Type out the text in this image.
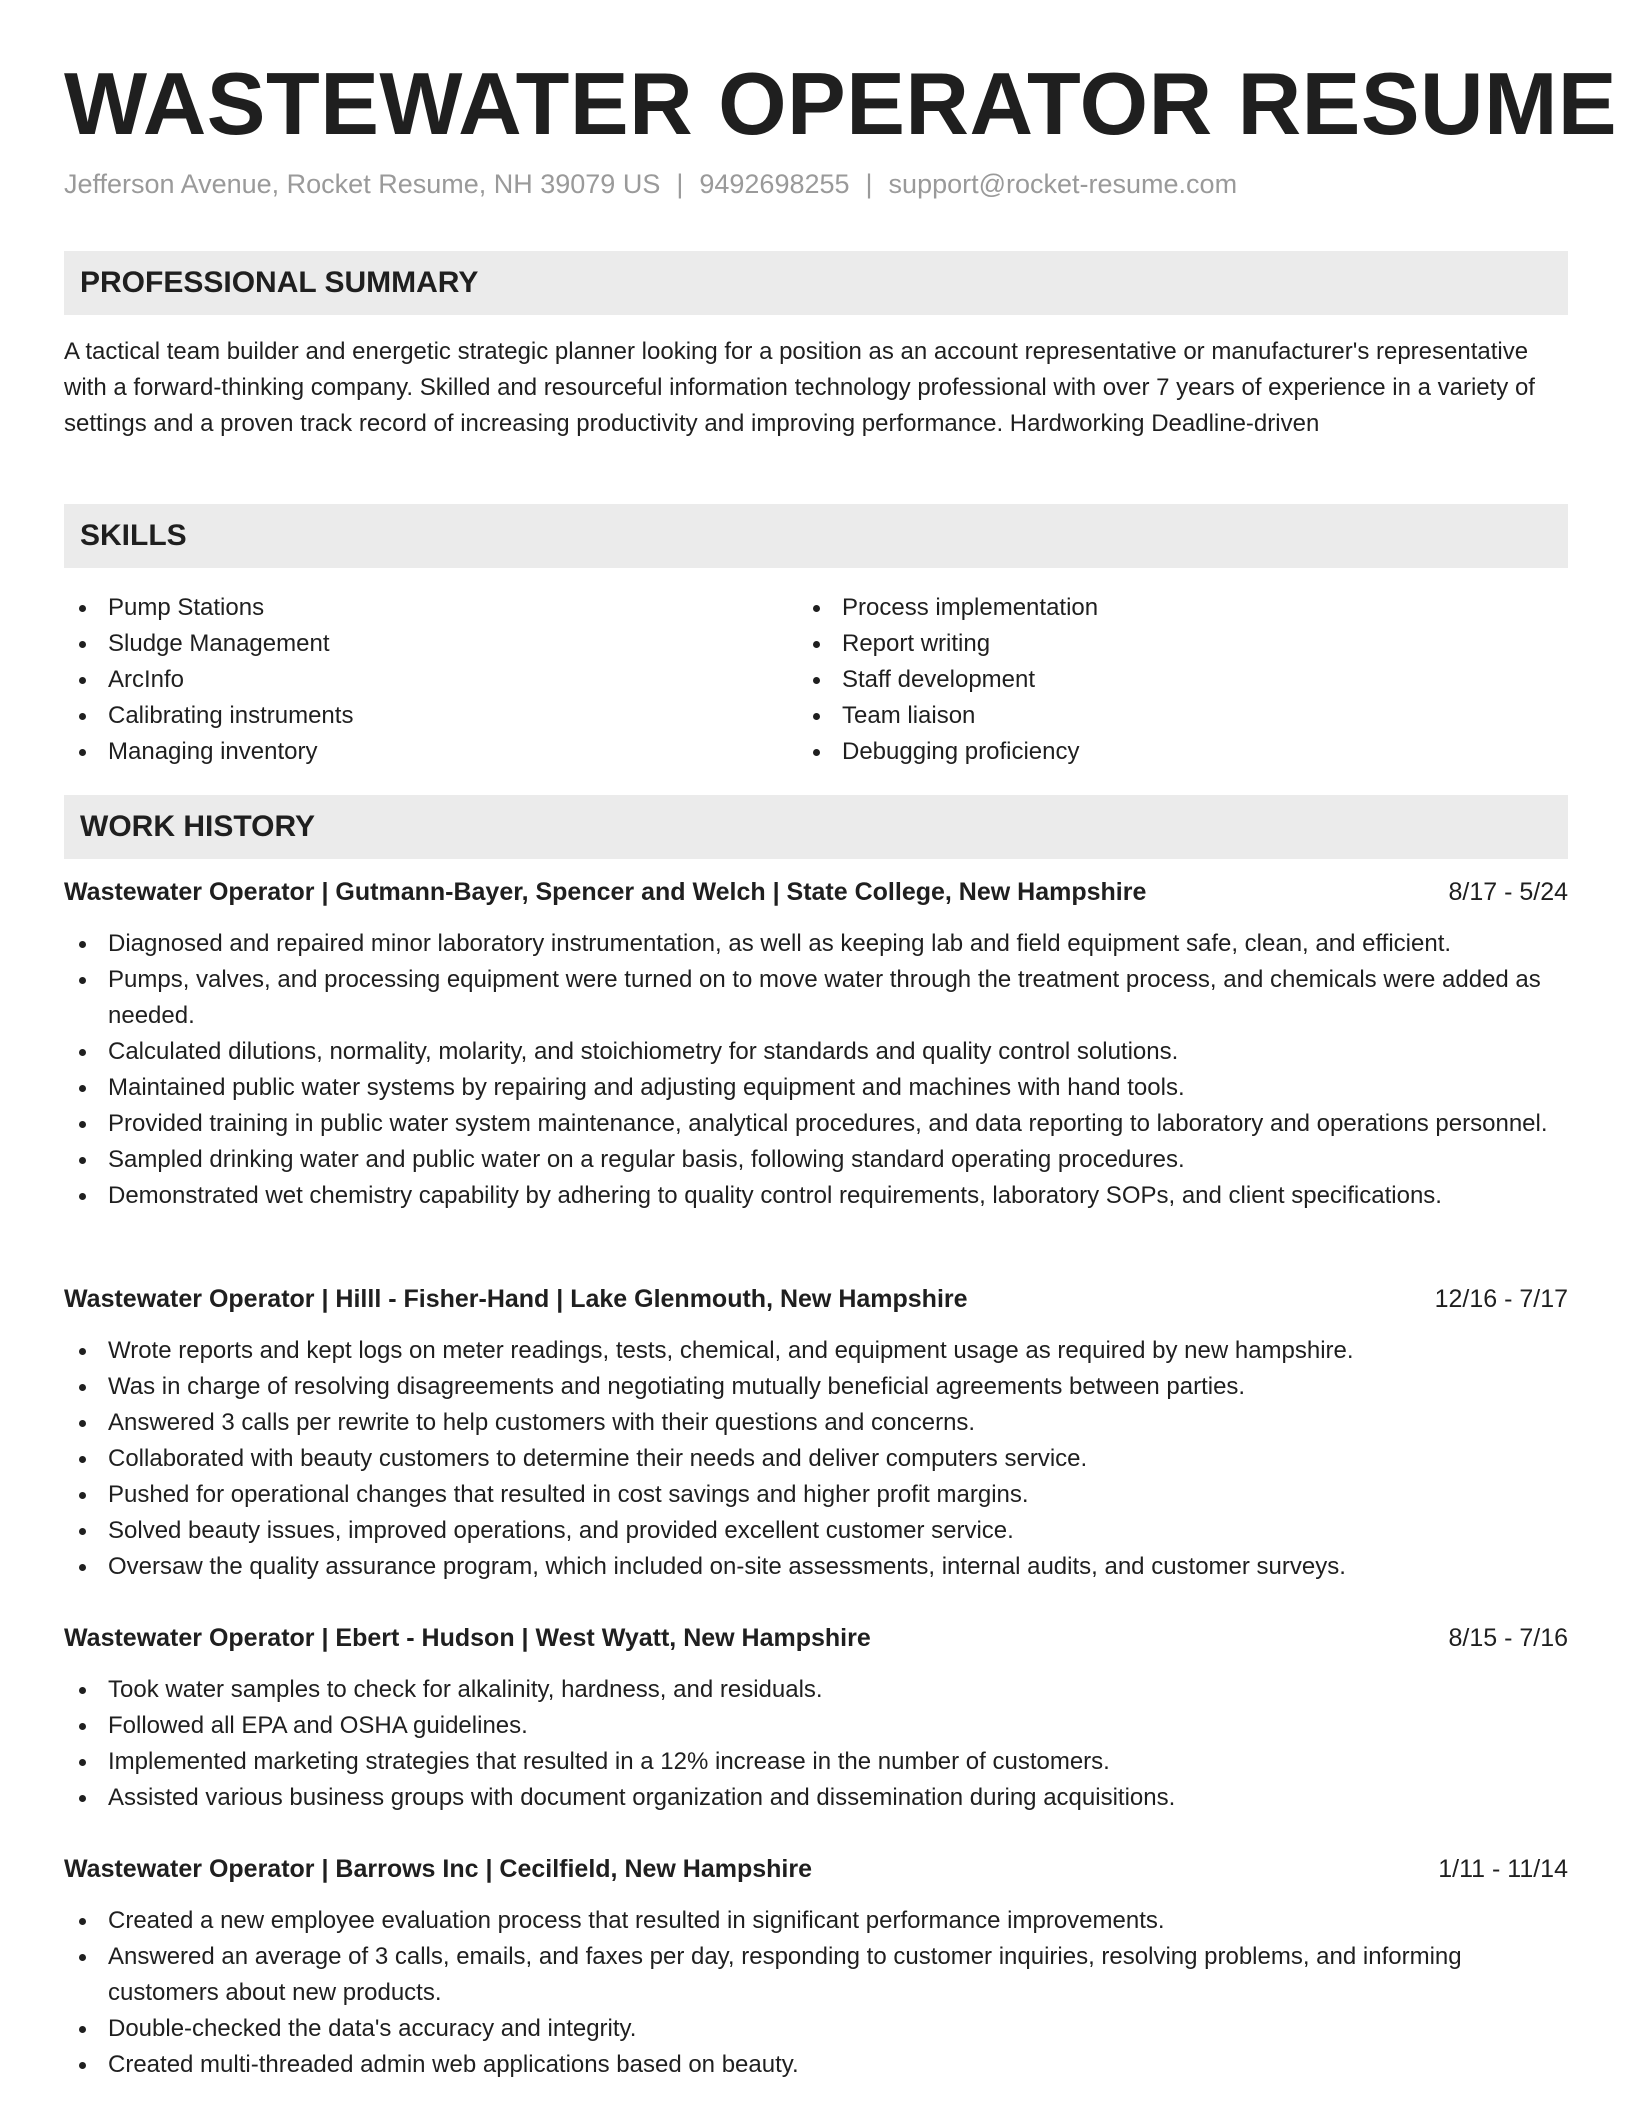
WASTEWATER OPERATOR RESUME
Jefferson Avenue, Rocket Resume, NH 39079 US | 9492698255 | support@rocket-resume.com
PROFESSIONAL SUMMARY

A tactical team builder and energetic strategic planner looking for a position as an account representative or manufacturer's representative with a forward-thinking company. Skilled and resourceful information technology professional with over 7 years of experience in a variety of settings and a proven track record of increasing productivity and improving performance. Hardworking Deadline-driven

SKILLS
Pump Stations
Sludge Management
ArcInfo
Calibrating instruments
Managing inventory
Process implementation
Report writing
Staff development
Team liaison
Debugging proficiency
WORK HISTORY
Wastewater Operator | Gutmann-Bayer, Spencer and Welch | State College, New Hampshire	8/17 - 5/24
Diagnosed and repaired minor laboratory instrumentation, as well as keeping lab and field equipment safe, clean, and efficient.
Pumps, valves, and processing equipment were turned on to move water through the treatment process, and chemicals were added as needed.
Calculated dilutions, normality, molarity, and stoichiometry for standards and quality control solutions.
Maintained public water systems by repairing and adjusting equipment and machines with hand tools.
Provided training in public water system maintenance, analytical procedures, and data reporting to laboratory and operations personnel.
Sampled drinking water and public water on a regular basis, following standard operating procedures.
Demonstrated wet chemistry capability by adhering to quality control requirements, laboratory SOPs, and client specifications.
Wastewater Operator | Hilll - Fisher-Hand | Lake Glenmouth, New Hampshire	12/16 - 7/17
Wrote reports and kept logs on meter readings, tests, chemical, and equipment usage as required by new hampshire.
Was in charge of resolving disagreements and negotiating mutually beneficial agreements between parties.
Answered 3 calls per rewrite to help customers with their questions and concerns.
Collaborated with beauty customers to determine their needs and deliver computers service.
Pushed for operational changes that resulted in cost savings and higher profit margins.
Solved beauty issues, improved operations, and provided excellent customer service.
Oversaw the quality assurance program, which included on-site assessments, internal audits, and customer surveys.
Wastewater Operator | Ebert - Hudson | West Wyatt, New Hampshire	8/15 - 7/16
Took water samples to check for alkalinity, hardness, and residuals.
Followed all EPA and OSHA guidelines.
Implemented marketing strategies that resulted in a 12% increase in the number of customers.
Assisted various business groups with document organization and dissemination during acquisitions.
Wastewater Operator | Barrows Inc | Cecilfield, New Hampshire	1/11 - 11/14
Created a new employee evaluation process that resulted in significant performance improvements.
Answered an average of 3 calls, emails, and faxes per day, responding to customer inquiries, resolving problems, and informing customers about new products.
Double-checked the data's accuracy and integrity.
Created multi-threaded admin web applications based on beauty.
